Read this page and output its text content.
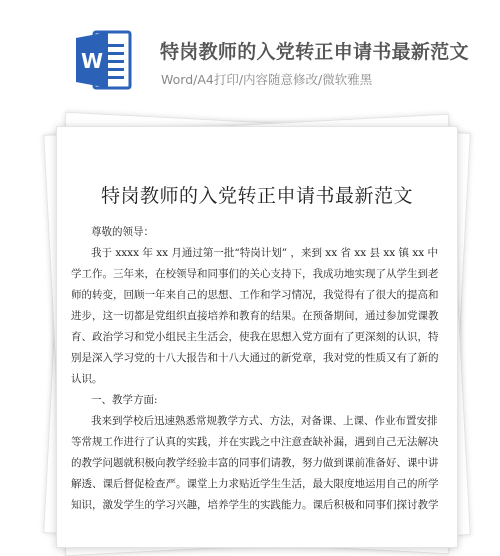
W	特岗教师的入党转正申请书最新范文
Word/A4打印/内容随意修改/微软雅黑
特岗教师的入党转正申请书最新范文

尊敬的领导：

我于 xxxx 年 xx 月通过第一批“特岗计划” ，来到 xx 省 xx 县 xx 镇 xx 中

学工作。三年来，在校领导和同事们的关心支持下，我成功地实现了从学生到老

师的转变，回顾一年来自己的思想、工作和学习情况，我觉得有了很大的提高和

进步，这一切都是党组织直接培养和教育的结果。在预备期间，通过参加党课教

育、政治学习和党小组民主生活会，使我在思想入党方面有了更深刻的认识，特

别是深入学习党的十八大报告和十八大通过的新党章，我对党的性质又有了新的

认识。

一、教学方面:

我来到学校后迅速熟悉常规教学方式、方法，对备课、上课、作业布置安排

等常规工作进行了认真的实践，并在实践之中注意查缺补漏，遇到自己无法解决

的教学问题就积极向教学经验丰富的同事们请教，努力做到课前准备好、课中讲

解透、课后督促检查严。课堂上力求贴近学生生活，最大限度地运用自己的所学

知识，激发学生的学习兴趣，培养学生的实践能力。课后积极和同事们探讨教学
